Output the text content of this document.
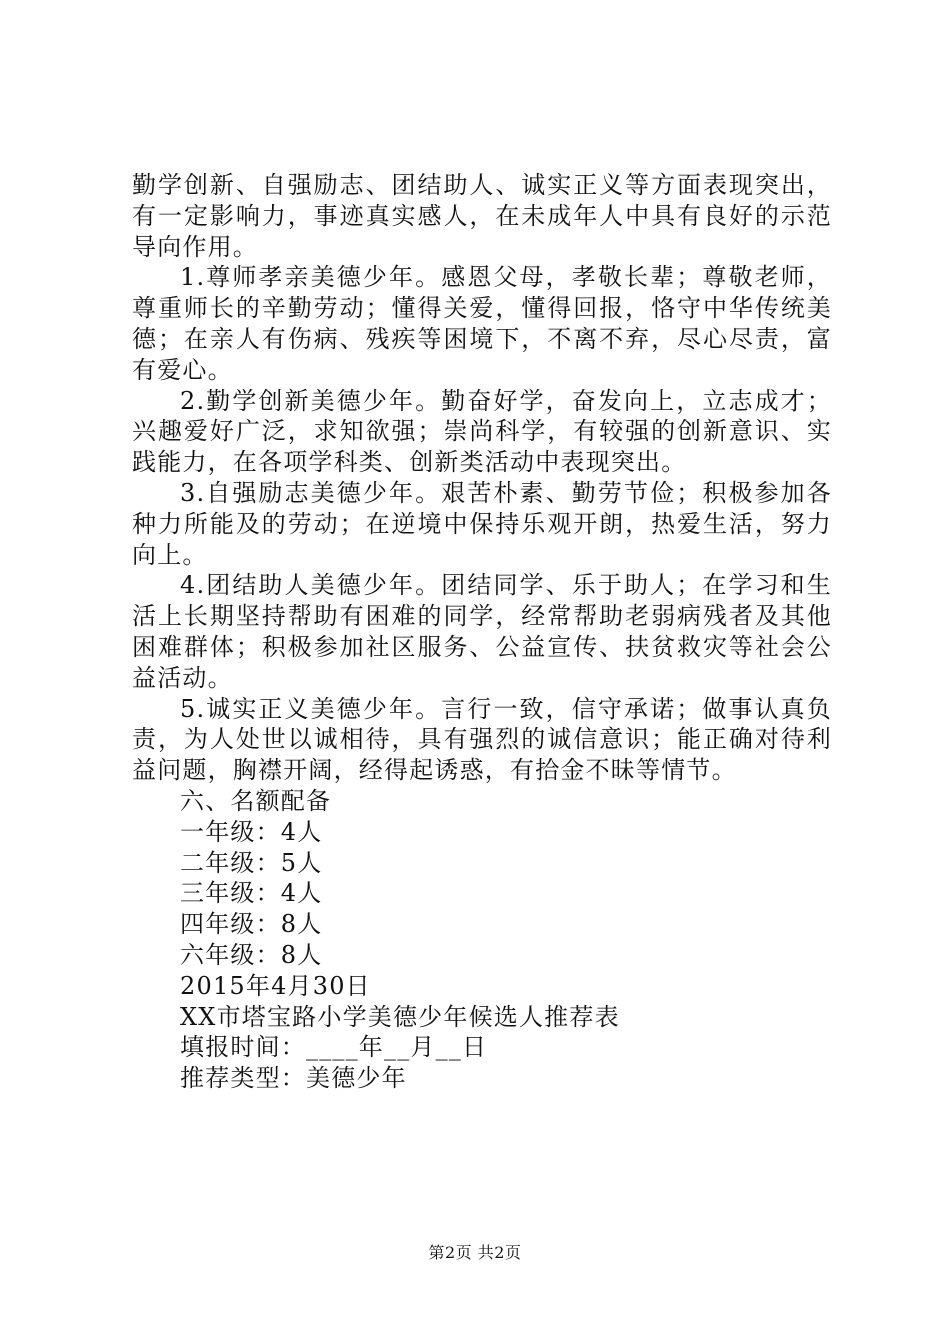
勤学创新、自强励志、团结助人、诚实正义等方面表现突出，有一定影响力，事迹真实感人，在未成年人中具有良好的示范导向作用。

1.尊师孝亲美德少年。感恩父母，孝敬长辈；尊敬老师，尊重师长的辛勤劳动；懂得关爱，懂得回报，恪守中华传统美德；在亲人有伤病、残疾等困境下，不离不弃，尽心尽责，富有爱心。

2.勤学创新美德少年。勤奋好学，奋发向上，立志成才；兴趣爱好广泛，求知欲强；崇尚科学，有较强的创新意识、实践能力，在各项学科类、创新类活动中表现突出。

3.自强励志美德少年。艰苦朴素、勤劳节俭；积极参加各种力所能及的劳动；在逆境中保持乐观开朗，热爱生活，努力向上。

4.团结助人美德少年。团结同学、乐于助人；在学习和生活上长期坚持帮助有困难的同学，经常帮助老弱病残者及其他困难群体；积极参加社区服务、公益宣传、扶贫救灾等社会公益活动。

5.诚实正义美德少年。言行一致，信守承诺；做事认真负责，为人处世以诚相待，具有强烈的诚信意识；能正确对待利益问题，胸襟开阔，经得起诱惑，有拾金不昧等情节。

六、名额配备

一年级：4人

二年级：5人

三年级：4人

四年级：8人

六年级：8人

2015年4月30日

XX市塔宝路小学美德少年候选人推荐表

填报时间：____年__月__日

推荐类型：美德少年

第2页 共2页
